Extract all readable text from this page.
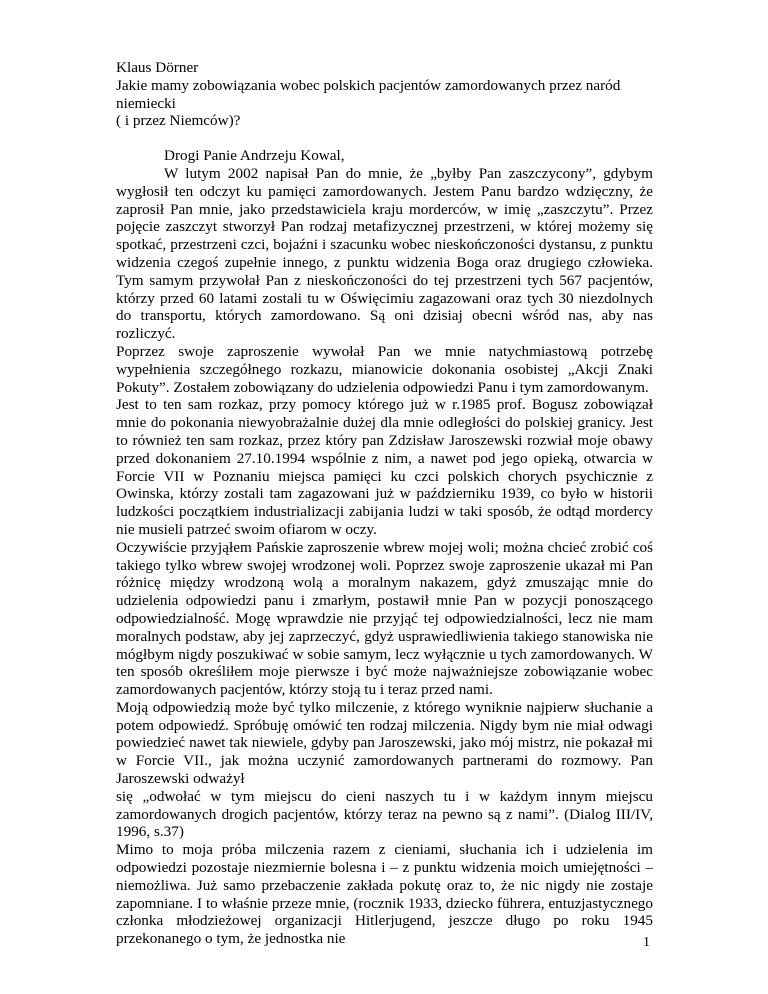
Klaus Dörner
Jakie mamy zobowiązania wobec polskich pacjentów zamordowanych przez naród niemiecki
( i przez Niemców)?
Drogi Panie Andrzeju Kowal,

W lutym 2002 napisał Pan do mnie, że „byłby Pan zaszczycony”, gdybym wygłosił ten odczyt ku pamięci zamordowanych. Jestem Panu bardzo wdzięczny, że zaprosił Pan mnie, jako przedstawiciela kraju morderców, w imię „zaszczytu”. Przez pojęcie zaszczyt stworzył Pan rodzaj metafizycznej przestrzeni, w której możemy się spotkać, przestrzeni czci, bojaźni i szacunku wobec nieskończoności dystansu, z punktu widzenia czegoś zupełnie innego, z punktu widzenia Boga oraz drugiego człowieka. Tym samym przywołał Pan z nieskończoności do tej przestrzeni tych 567 pacjentów, którzy przed 60 latami zostali tu w Oświęcimiu zagazowani oraz tych 30 niezdolnych do transportu, których zamordowano. Są oni dzisiaj obecni wśród nas, aby nas rozliczyć.

Poprzez swoje zaproszenie wywołał Pan we mnie natychmiastową potrzebę wypełnienia szczegółnego rozkazu, mianowicie dokonania osobistej „Akcji Znaki Pokuty”. Zostałem zobowiązany do udzielenia odpowiedzi Panu i tym zamordowanym.

Jest to ten sam rozkaz, przy pomocy którego już w r.1985 prof. Bogusz zobowiązał mnie do pokonania niewyobrażalnie dużej dla mnie odległości do polskiej granicy. Jest to również ten sam rozkaz, przez który pan Zdzisław Jaroszewski rozwiał moje obawy przed dokonaniem 27.10.1994 wspólnie z nim, a nawet pod jego opieką, otwarcia w Forcie VII w Poznaniu miejsca pamięci ku czci polskich chorych psychicznie z Owinska, którzy zostali tam zagazowani już w październiku 1939, co było w historii ludzkości początkiem industrializacji zabijania ludzi w taki sposób, że odtąd mordercy nie musieli patrzeć swoim ofiarom w oczy.

Oczywiście przyjąłem Pańskie zaproszenie wbrew mojej woli; można chcieć zrobić coś takiego tylko wbrew swojej wrodzonej woli. Poprzez swoje zaproszenie ukazał mi Pan różnicę między wrodzoną wolą a moralnym nakazem, gdyż zmuszając mnie do udzielenia odpowiedzi panu i zmarłym, postawił mnie Pan w pozycji ponoszącego odpowiedzialność. Mogę wprawdzie nie przyjąć tej odpowiedzialności, lecz nie mam moralnych podstaw, aby jej zaprzeczyć, gdyż usprawiedliwienia takiego stanowiska nie mógłbym nigdy poszukiwać w sobie samym, lecz wyłącznie u tych zamordowanych. W ten sposób określiłem moje pierwsze i być może najważniejsze zobowiązanie wobec zamordowanych pacjentów, którzy stoją tu i teraz przed nami.

Moją odpowiedzią może być tylko milczenie, z którego wyniknie najpierw słuchanie a potem odpowiedź. Spróbuję omówić ten rodzaj milczenia. Nigdy bym nie miał odwagi powiedzieć nawet tak niewiele, gdyby pan Jaroszewski, jako mój mistrz, nie pokazał mi w Forcie VII., jak można uczynić zamordowanych partnerami do rozmowy. Pan Jaroszewski odważył

się „odwołać w tym miejscu do cieni naszych tu i w każdym innym miejscu zamordowanych drogich pacjentów, którzy teraz na pewno są z nami”. (Dialog III/IV, 1996, s.37)

Mimo to moja próba milczenia razem z cieniami, słuchania ich i udzielenia im odpowiedzi pozostaje niezmiernie bolesna i – z punktu widzenia moich umiejętności – niemożliwa. Już samo przebaczenie zakłada pokutę oraz to, że nic nigdy nie zostaje zapomniane. I to właśnie przeze mnie, (rocznik 1933, dziecko führera, entuzjastycznego członka młodzieżowej organizacji Hitlerjugend, jeszcze długo po roku 1945 przekonanego o tym, że jednostka nie	1
